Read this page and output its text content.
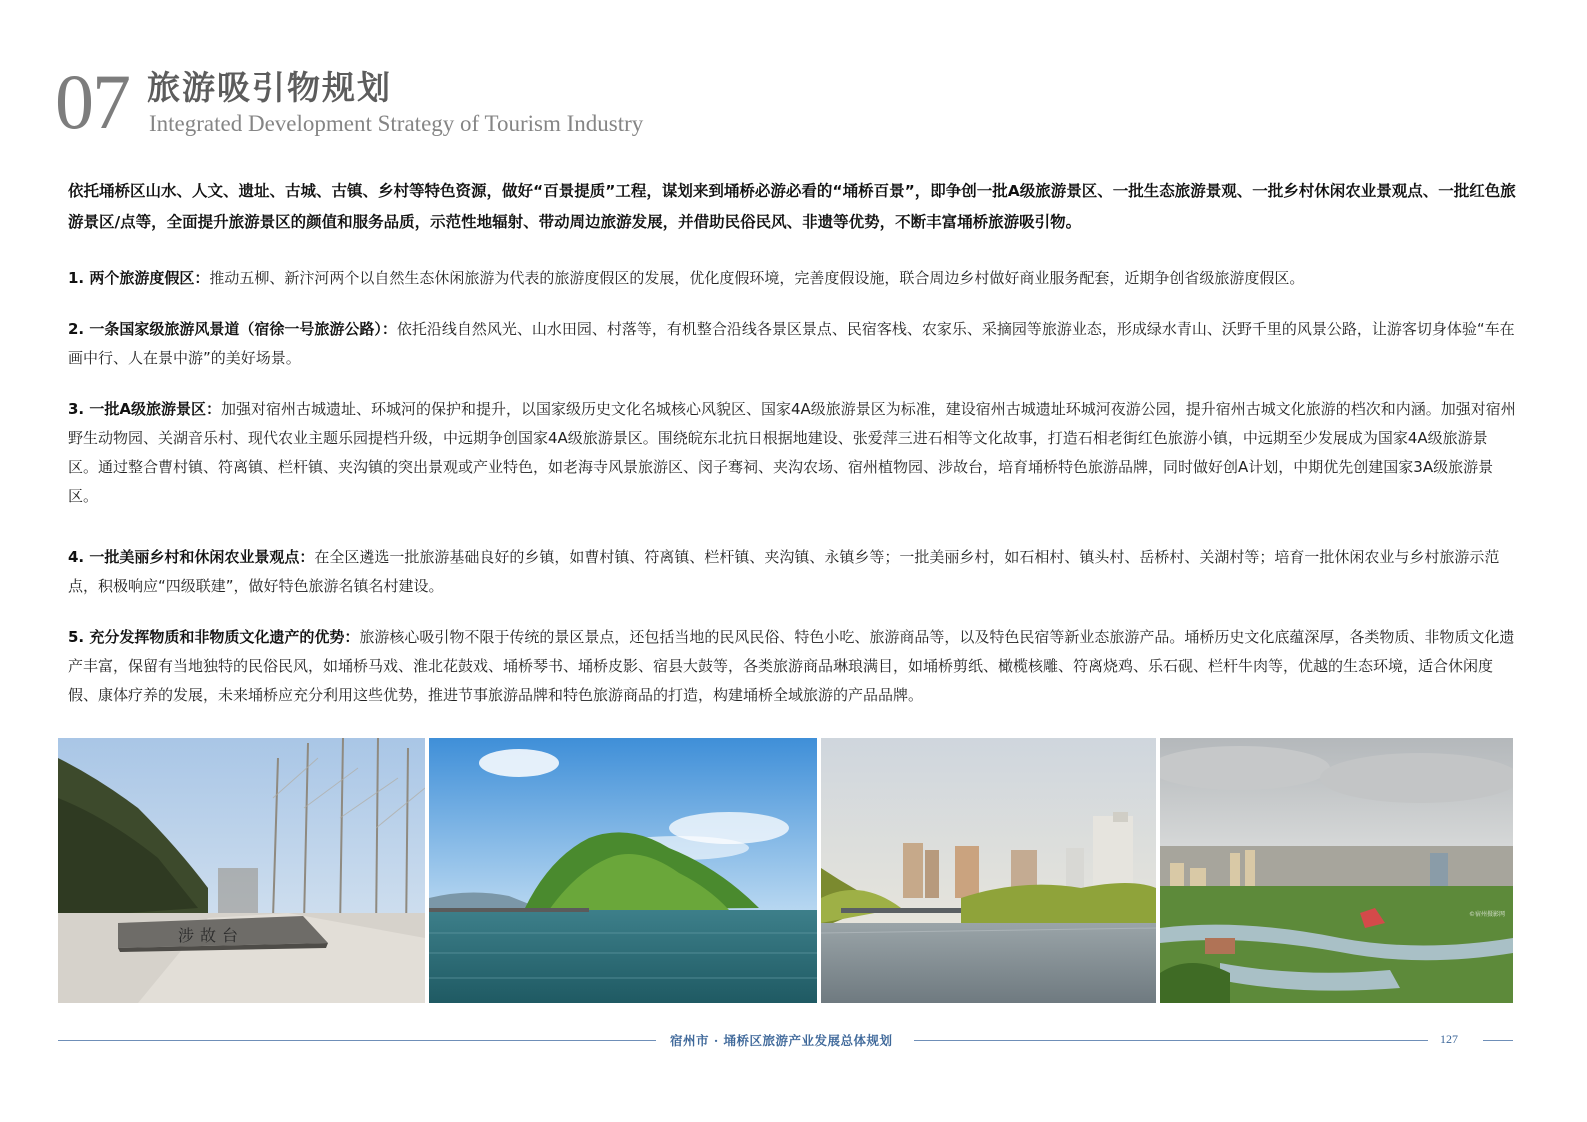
07 旅游吸引物规划
Integrated Development Strategy of Tourism Industry

依托埇桥区山水、人文、遗址、古城、古镇、乡村等特色资源，做好“百景提质”工程，谋划来到埇桥必游必看的“埇桥百景”，即争创一批A级旅游景区、一批生态旅游景观、一批乡村休闲农业景观点、一批红色旅游景区/点等，全面提升旅游景区的颜值和服务品质，示范性地辐射、带动周边旅游发展，并借助民俗民风、非遗等优势，不断丰富埇桥旅游吸引物。

1. 两个旅游度假区：推动五柳、新汴河两个以自然生态休闲旅游为代表的旅游度假区的发展，优化度假环境，完善度假设施，联合周边乡村做好商业服务配套，近期争创省级旅游度假区。

2. 一条国家级旅游风景道（宿徐一号旅游公路）：依托沿线自然风光、山水田园、村落等，有机整合沿线各景区景点、民宿客栈、农家乐、采摘园等旅游业态，形成绿水青山、沃野千里的风景公路，让游客切身体验“车在画中行、人在景中游”的美好场景。

3. 一批A级旅游景区：加强对宿州古城遗址、环城河的保护和提升，以国家级历史文化名城核心风貌区、国家4A级旅游景区为标准，建设宿州古城遗址环城河夜游公园，提升宿州古城文化旅游的档次和内涵。加强对宿州野生动物园、关湖音乐村、现代农业主题乐园提档升级，中远期争创国家4A级旅游景区。围绕皖东北抗日根据地建设、张爱萍三进石相等文化故事，打造石相老街红色旅游小镇，中远期至少发展成为国家4A级旅游景区。通过整合曹村镇、符离镇、栏杆镇、夹沟镇的突出景观或产业特色，如老海寺风景旅游区、闵子骞祠、夹沟农场、宿州植物园、涉故台，培育埇桥特色旅游品牌，同时做好创A计划，中期优先创建国家3A级旅游景区。

4. 一批美丽乡村和休闲农业景观点：在全区遴选一批旅游基础良好的乡镇，如曹村镇、符离镇、栏杆镇、夹沟镇、永镇乡等；一批美丽乡村，如石相村、镇头村、岳桥村、关湖村等；培育一批休闲农业与乡村旅游示范点，积极响应“四级联建”，做好特色旅游名镇名村建设。

5. 充分发挥物质和非物质文化遗产的优势：旅游核心吸引物不限于传统的景区景点，还包括当地的民风民俗、特色小吃、旅游商品等，以及特色民宿等新业态旅游产品。埇桥历史文化底蕴深厚，各类物质、非物质文化遗产丰富，保留有当地独特的民俗民风，如埇桥马戏、淮北花鼓戏、埇桥琴书、埇桥皮影、宿县大鼓等，各类旅游商品琳琅满目，如埇桥剪纸、橄榄核雕、符离烧鸡、乐石砚、栏杆牛肉等，优越的生态环境，适合休闲度假、康体疗养的发展，未来埇桥应充分利用这些优势，推进节事旅游品牌和特色旅游商品的打造，构建埇桥全域旅游的产品品牌。

涉故台
©宿州摄影网
宿州市 · 埇桥区旅游产业发展总体规划	127
